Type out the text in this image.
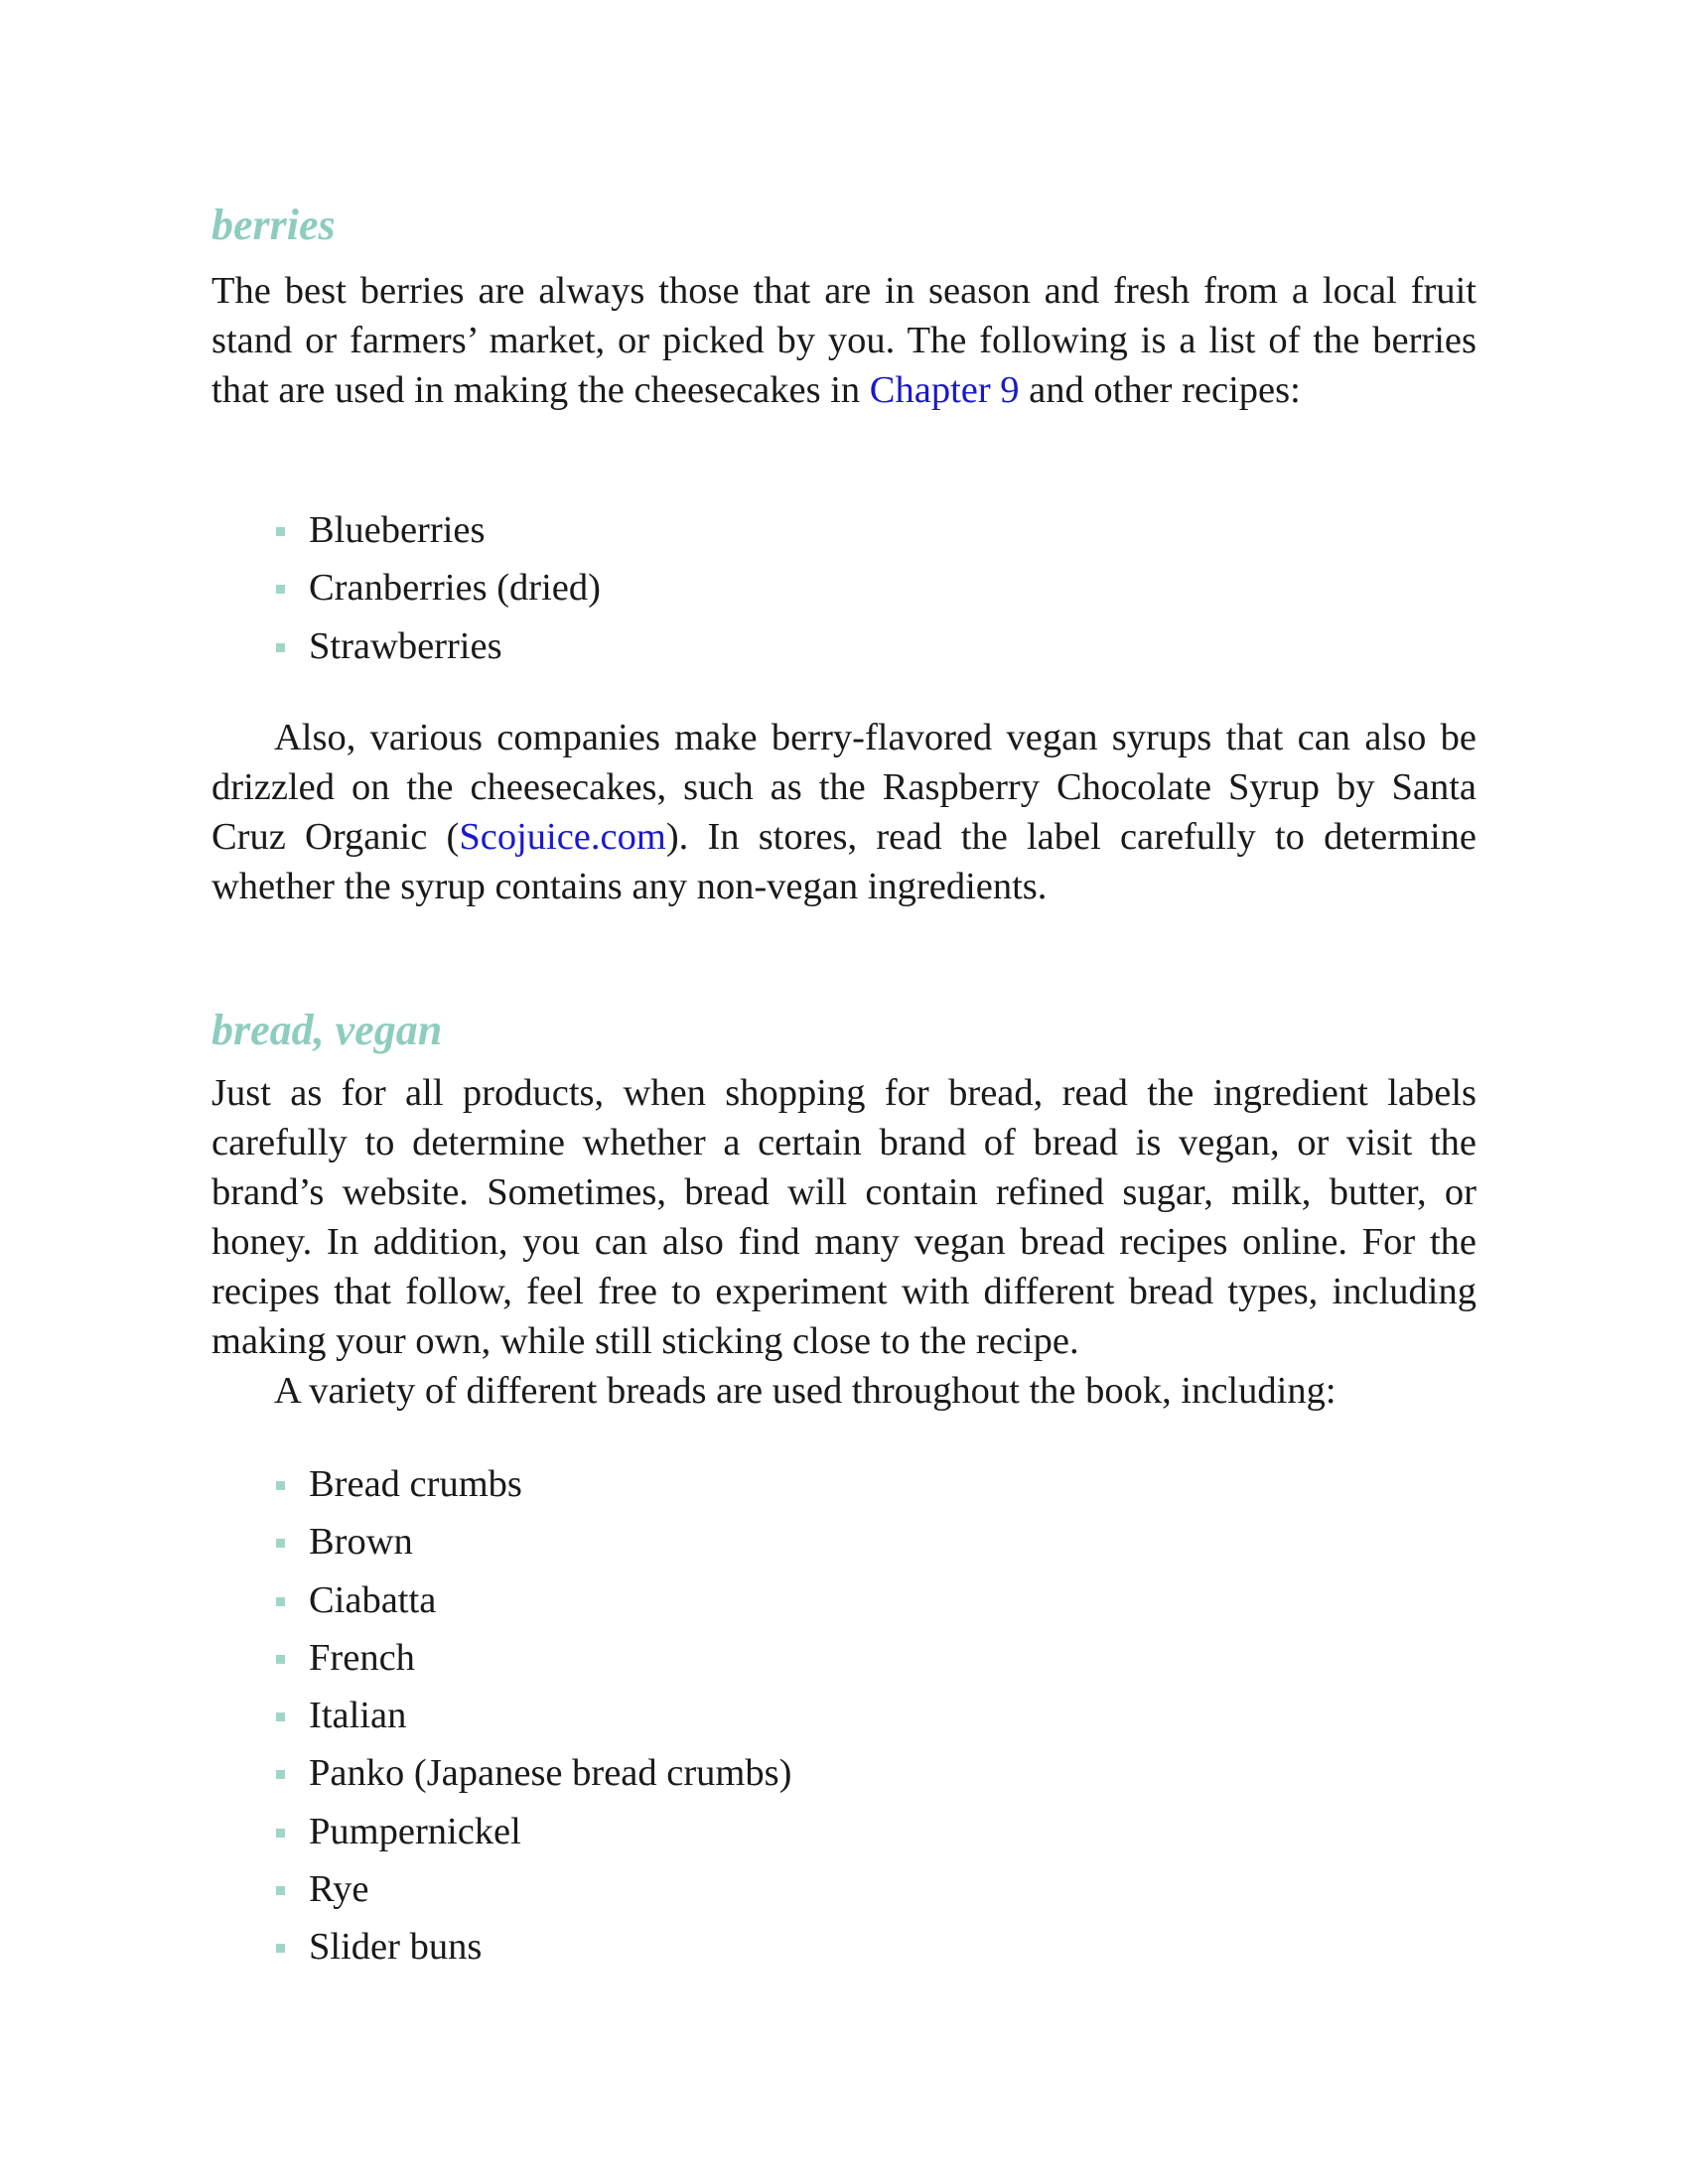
berries

The best berries are always those that are in season and fresh from a local fruit stand or farmers’ market, or picked by you. The following is a list of the berries that are used in making the cheesecakes in Chapter 9 and other recipes:

Blueberries
Cranberries (dried)
Strawberries

Also, various companies make berry-flavored vegan syrups that can also be drizzled on the cheesecakes, such as the Raspberry Chocolate Syrup by Santa Cruz Organic (Scojuice.com). In stores, read the label carefully to determine whether the syrup contains any non-vegan ingredients.

bread, vegan

Just as for all products, when shopping for bread, read the ingredient labels carefully to determine whether a certain brand of bread is vegan, or visit the brand’s website. Sometimes, bread will contain refined sugar, milk, butter, or honey. In addition, you can also find many vegan bread recipes online. For the recipes that follow, feel free to experiment with different bread types, including making your own, while still sticking close to the recipe.

A variety of different breads are used throughout the book, including:

Bread crumbs
Brown
Ciabatta
French
Italian
Panko (Japanese bread crumbs)
Pumpernickel
Rye
Slider buns
